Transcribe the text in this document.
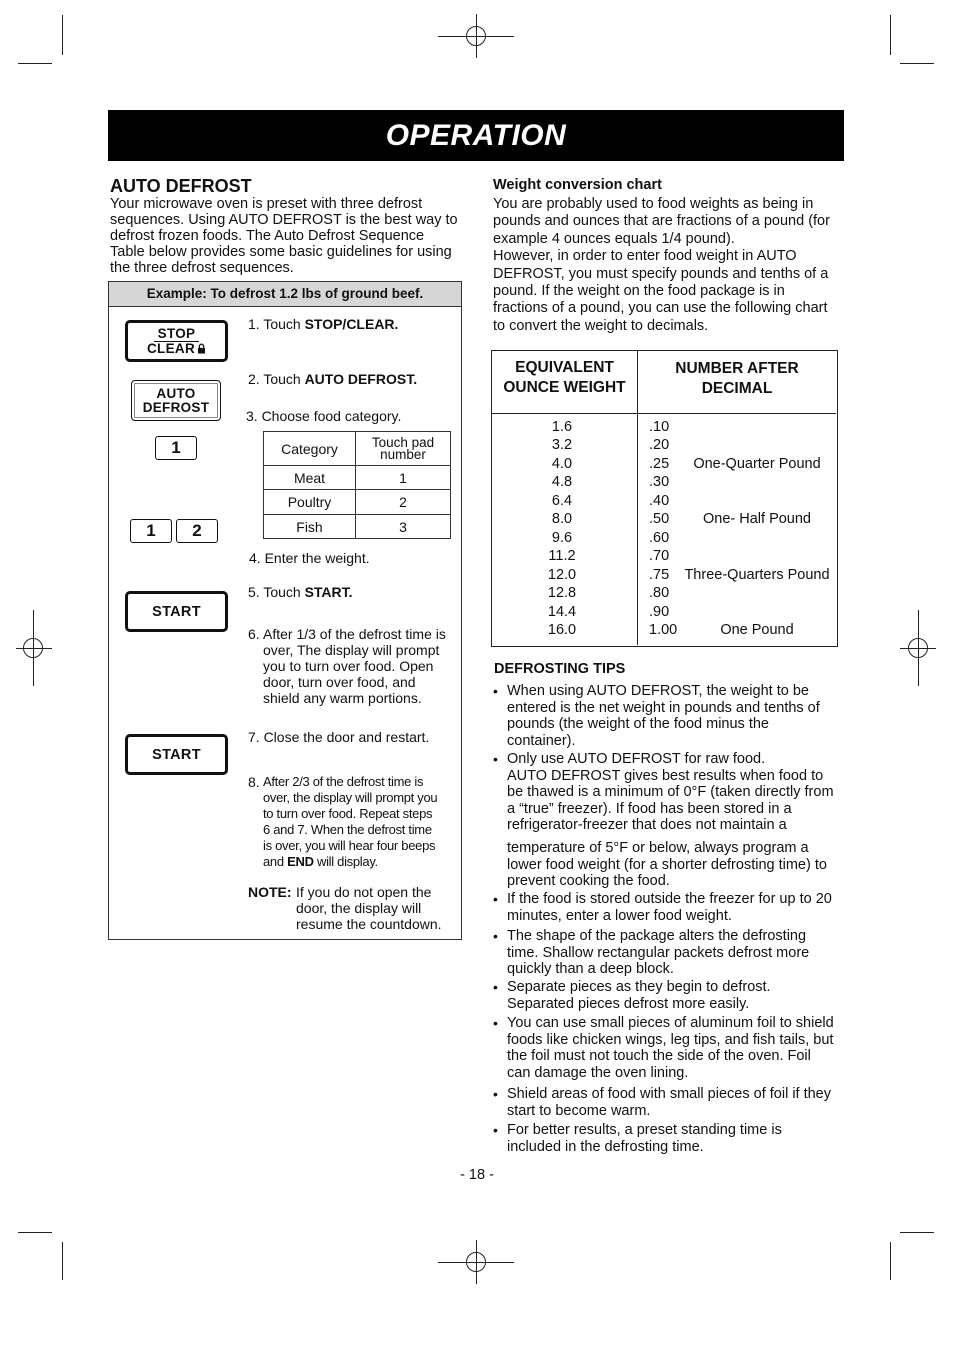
OPERATION
AUTO DEFROST
Your microwave oven is preset with three defrost
sequences. Using AUTO DEFROST is the best way to
defrost frozen foods. The Auto Defrost Sequence
Table below provides some basic guidelines for using
the three defrost sequences.
Example: To defrost 1.2 lbs of ground beef.
STOP
CLEAR
AUTO
DEFROST
1
1	2
START
START
1. Touch STOP/CLEAR.
2. Touch AUTO DEFROST.
3. Choose food category.
Category	Touch pad
number

Meat	1
Poultry	2
Fish	3
4. Enter the weight.
5. Touch START.
6. After 1/3 of the defrost time is
over, The display will prompt
you to turn over food. Open
door, turn over food, and
shield any warm portions.
7. Close the door and restart.
8. After 2/3 of the defrost time is
over, the display will prompt you
to turn over food. Repeat steps
6 and 7. When the defrost time
is over, you will hear four beeps
and END will display.
NOTE: If you do not open the
door, the display will
resume the countdown.
Weight conversion chart
You are probably used to food weights as being in
pounds and ounces that are fractions of a pound (for
example 4 ounces equals 1/4 pound).
However, in order to enter food weight in AUTO
DEFROST, you must specify pounds and tenths of a
pound. If the weight on the food package is in
fractions of a pound, you can use the following chart
to convert the weight to decimals.
EQUIVALENT
OUNCE WEIGHT
NUMBER AFTER
DECIMAL
1.6	.10
3.2	.20
4.0	.25	One-Quarter Pound
4.8	.30
6.4	.40
8.0	.50	One- Half Pound
9.6	.60
11.2	.70
12.0	.75	Three-Quarters Pound
12.8	.80
14.4	.90
16.0	1.00	One Pound
DEFROSTING TIPS
• When using AUTO DEFROST, the weight to be
entered is the net weight in pounds and tenths of
pounds (the weight of the food minus the
container).
• Only use AUTO DEFROST for raw food.
AUTO DEFROST gives best results when food to
be thawed is a minimum of 0°F (taken directly from
a “true” freezer). If food has been stored in a
refrigerator-freezer that does not maintain a
temperature of 5°F or below, always program a
lower food weight (for a shorter defrosting time) to
prevent cooking the food.
• If the food is stored outside the freezer for up to 20
minutes, enter a lower food weight.
• The shape of the package alters the defrosting
time. Shallow rectangular packets defrost more
quickly than a deep block.
• Separate pieces as they begin to defrost.
Separated pieces defrost more easily.
• You can use small pieces of aluminum foil to shield
foods like chicken wings, leg tips, and fish tails, but
the foil must not touch the side of the oven. Foil
can damage the oven lining.
• Shield areas of food with small pieces of foil if they
start to become warm.
• For better results, a preset standing time is
included in the defrosting time.
- 18 -
